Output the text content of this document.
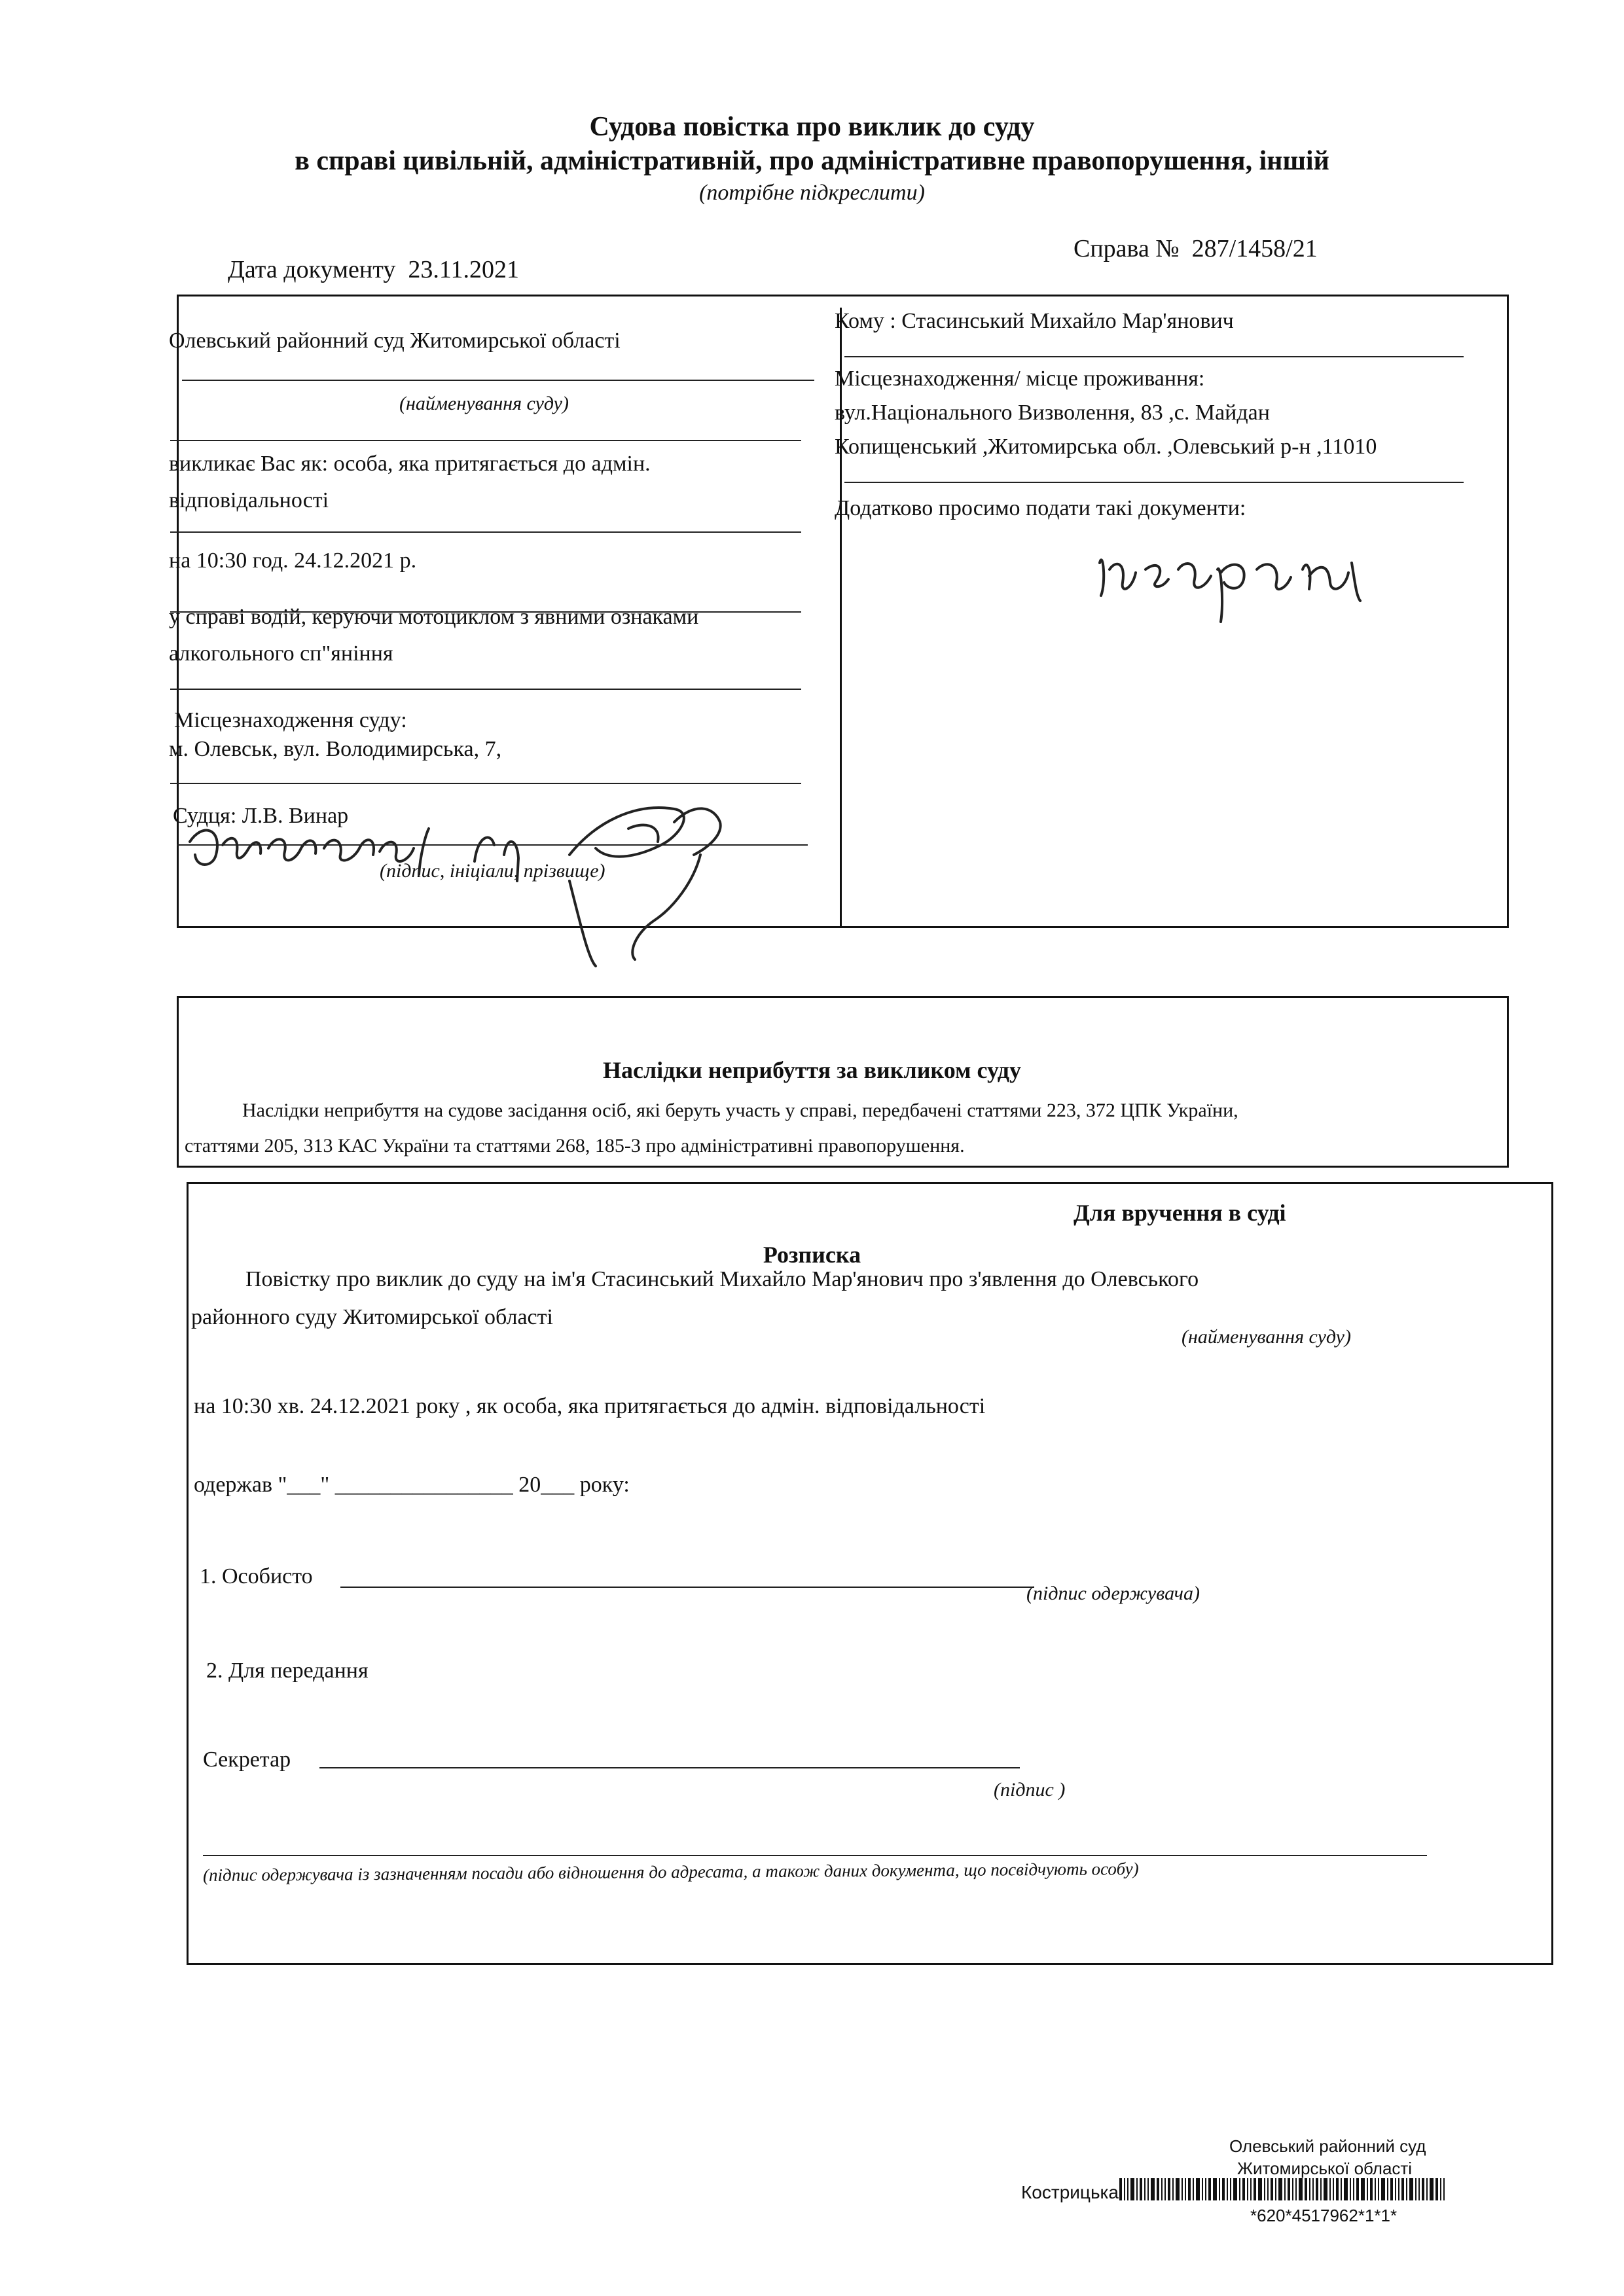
Судова повістка про виклик до суду
в справі цивільній, адміністративній, про адміністративне правопорушення, іншій
(потрібне підкреслити)
Дата документу 23.11.2021
Справа № 287/1458/21
Олевський районний суд Житомирської області
(найменування суду)
викликає Вас як: особа, яка притягається до адмін.
відповідальності
на 10:30 год. 24.12.2021 р.
у справі водій, керуючи мотоциклом з явними ознаками
алкогольного сп"яніння
Місцезнаходження суду:
м. Олевськ, вул. Володимирська, 7,
Судця: Л.В. Винар
(підпис, ініціали, прізвище)
Кому : Стасинський Михайло Мар'янович
Місцезнаходження/ місце проживання:
вул.Національного Визволення, 83 ,с. Майдан
Копищенський ,Житомирська обл. ,Олевський р-н ,11010
Додатково просимо подати такі документи:
Наслідки неприбуття за викликом суду
Наслідки неприбуття на судове засідання осіб, які беруть участь у справі, передбачені статтями 223, 372 ЦПК України,
статтями 205, 313 КАС України та статтями 268, 185-3 про адміністративні правопорушення.
Для вручення в суді
Розписка
Повістку про виклик до суду на ім'я Стасинський Михайло Мар'янович про з'явлення до Олевського
районного суду Житомирської області
(найменування суду)
на 10:30 хв. 24.12.2021 року , як особа, яка притягається до адмін. відповідальності
одержав "___" ________________ 20___ року:
1. Особисто
(підпис одержувача)
2. Для передання
Секретар
(підпис )
(підпис одержувача із зазначенням посади або відношення до адресата, а також даних документа, що посвідчують особу)
Олевський районний суд
Житомирської області
Кострицька
*620*4517962*1*1*
